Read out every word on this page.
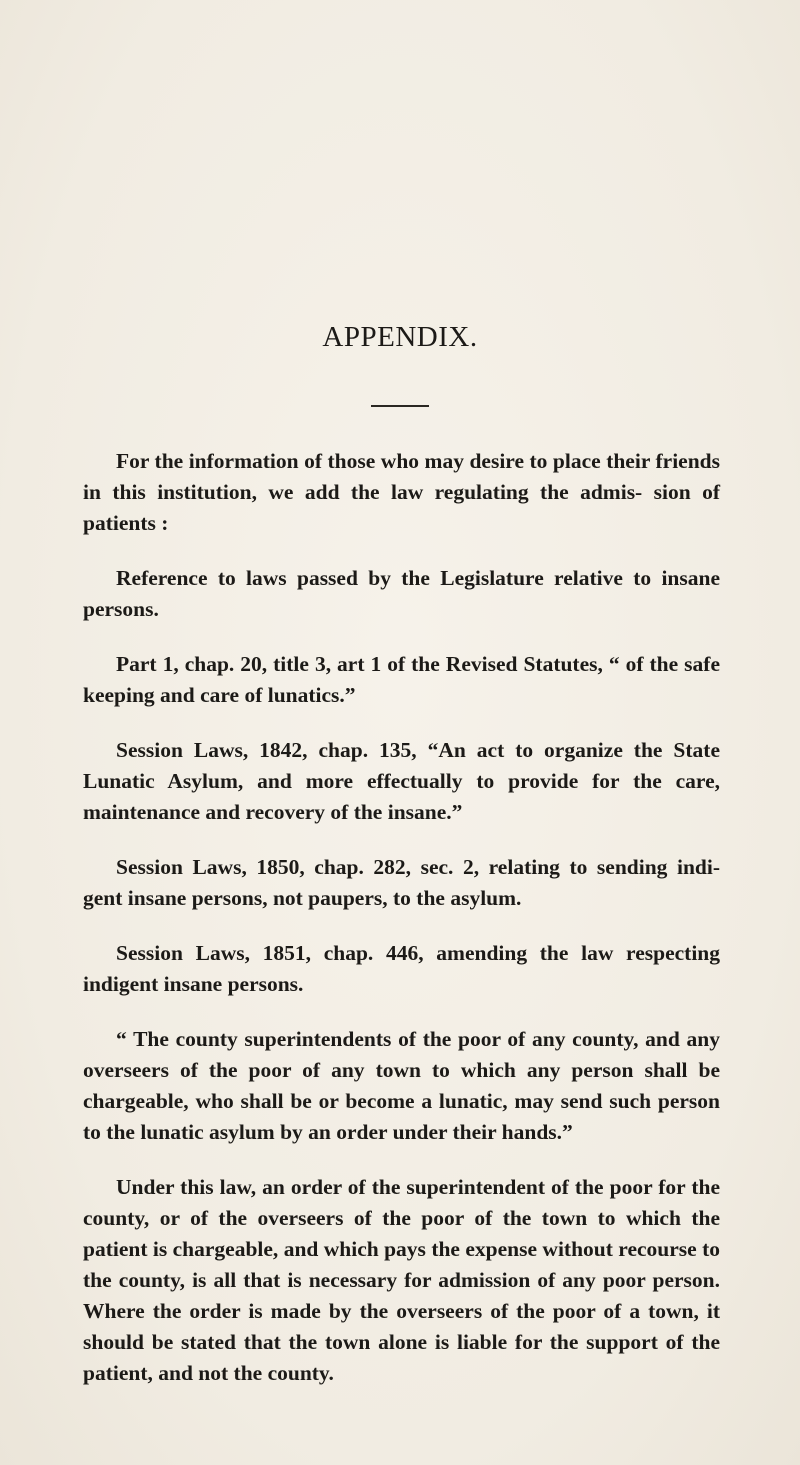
APPENDIX.

For the information of those who may desire to place their friends in this institution, we add the law regulating the admis- sion of patients :

Reference to laws passed by the Legislature relative to insane persons.

Part 1, chap. 20, title 3, art 1 of the Revised Statutes, “ of the safe keeping and care of lunatics.”

Session Laws, 1842, chap. 135, “An act to organize the State Lunatic Asylum, and more effectually to provide for the care, maintenance and recovery of the insane.”

Session Laws, 1850, chap. 282, sec. 2, relating to sending indi- gent insane persons, not paupers, to the asylum.

Session Laws, 1851, chap. 446, amending the law respecting indigent insane persons.

“ The county superintendents of the poor of any county, and any overseers of the poor of any town to which any person shall be chargeable, who shall be or become a lunatic, may send such person to the lunatic asylum by an order under their hands.”

Under this law, an order of the superintendent of the poor for the county, or of the overseers of the poor of the town to which the patient is chargeable, and which pays the expense without recourse to the county, is all that is necessary for admission of any poor person. Where the order is made by the overseers of the poor of a town, it should be stated that the town alone is liable for the support of the patient, and not the county.
